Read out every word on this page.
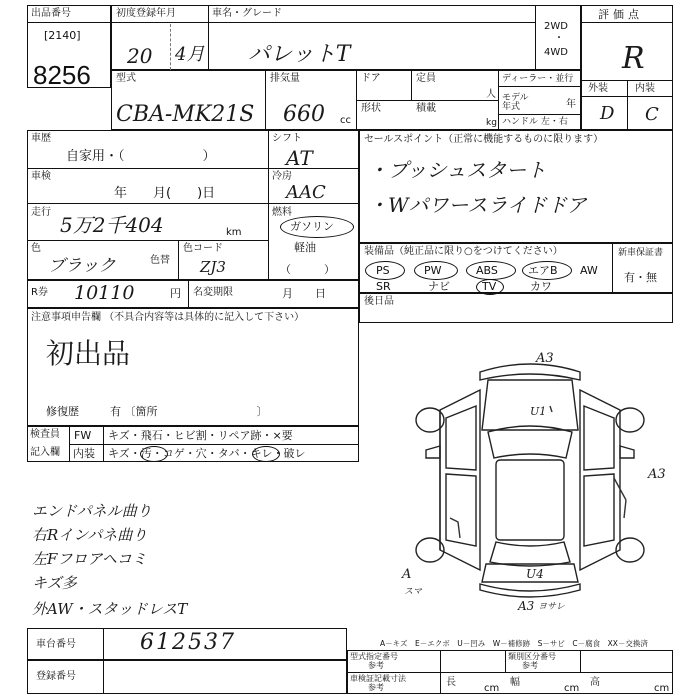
出品番号
[2140]
8256
初度登録年月
20 4月
車名・グレード
パレットT
2WD
・
4WD
評価点
R
外装	内装
D C
型式
CBA-MK21S
排気量
660 cc
ドア	定員
人
形状	積載
kg
ディーラー・並行
モデル年式	年
ハンドル 左・右
車歴
自家用・（　　　　　　）
シフト
AT
車検
年　　月(　　)日
冷房
AAC
走行
5万2千404	km
燃料
ガソリン
軽油
（　　　）
色
ブラック
色コード
色替 ZJ3
セールスポイント（正常に機能するものに限ります）
・プッシュスタート
・Wパワースライドドア
装備品（純正品に限り○をつけてください）	新車保証書
有・無
PS	PW	ABS	エアB AW
SR	ナビ	TV	カワ
後日品
R券 10110	円 名変期限	月　　日
注意事項申告欄 （不具合内容等は具体的に記入して下さい）
初出品
修復歴	有 〔箇所　　　　　　　　　〕
検査員
記入欄
FW キズ・飛石・ヒビ割・リペア跡・×要
内装 キズ・汚・コゲ・穴・タバ・キレ・破レ
エンドパネル曲り
右Rインパネ曲り
左Fフロアヘコミ
キズ多
外AW・スタッドレスT
A3
U1
A3
U4
A
スマ
A3 ヨサレ
A－キズ　E－エクボ　U－凹み　W－補修跡　S－サビ　C－腐食　XX－交換済
車台番号	612537
登録番号
型式指定番号
参考
類別区分番号
参考
車検証記載寸法
参考	長
cm
幅
cm
高
cm
